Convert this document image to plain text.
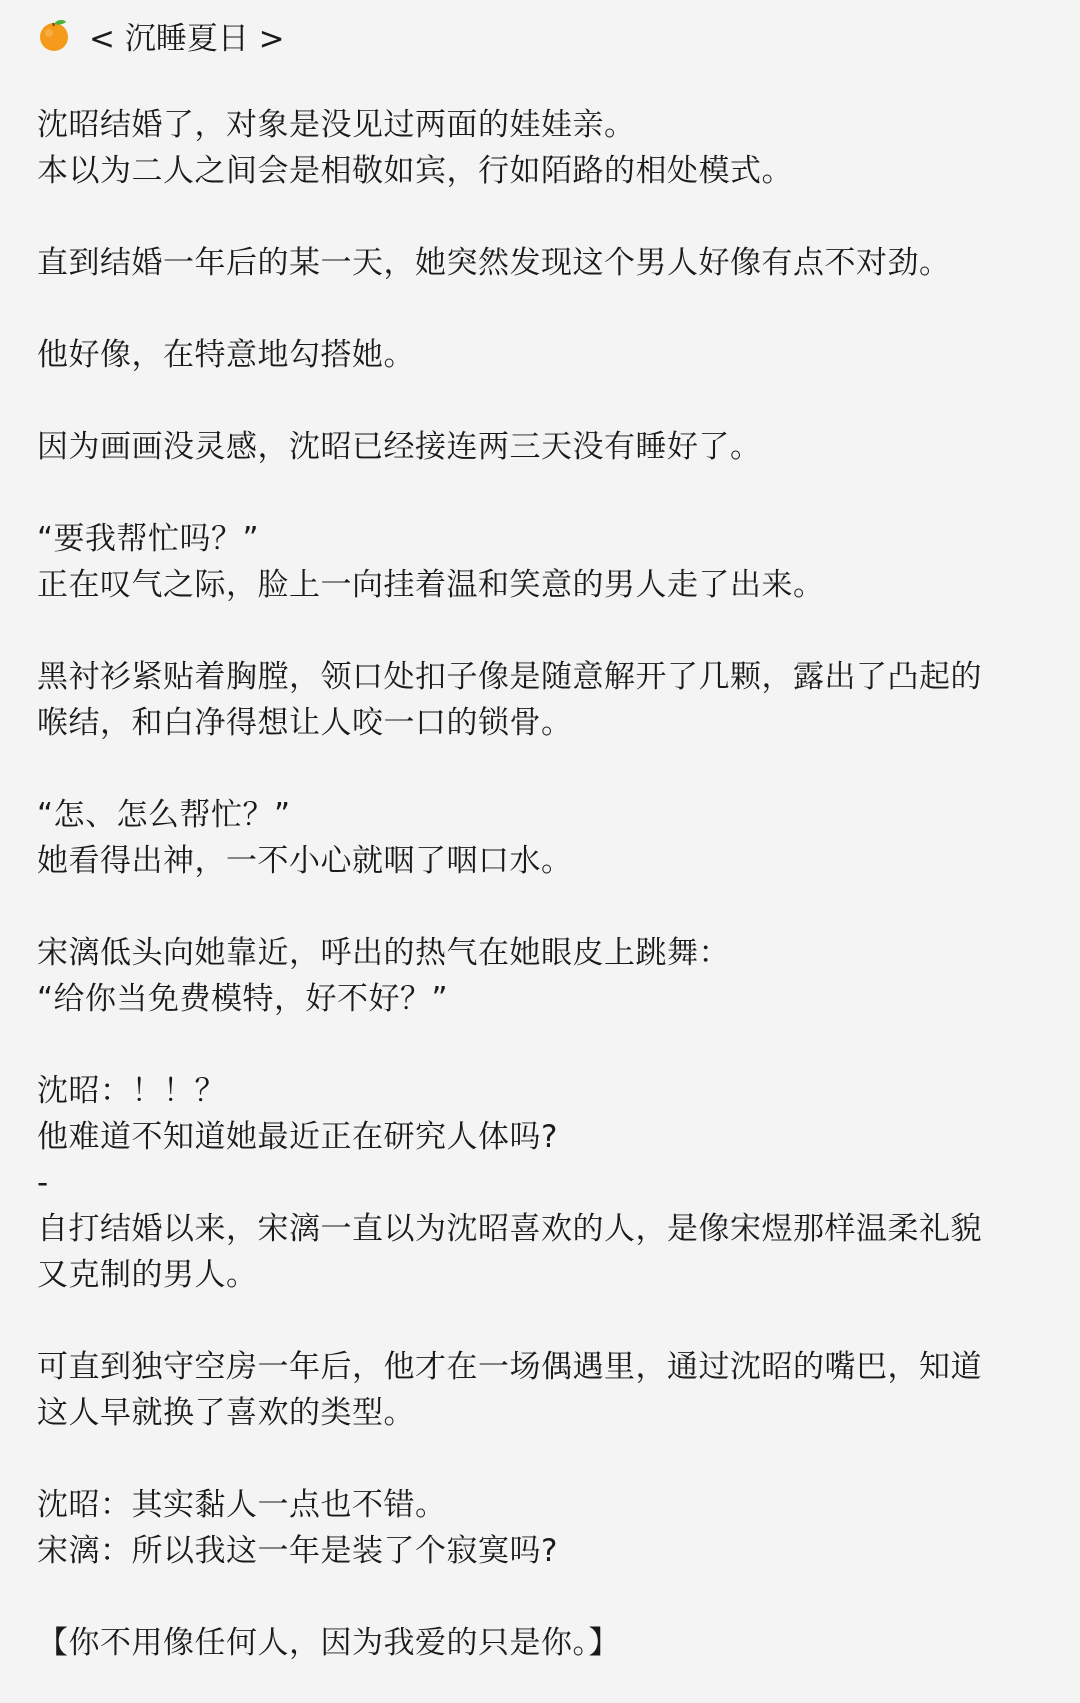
< 沉睡夏日 >
沈昭结婚了，对象是没见过两面的娃娃亲。
本以为二人之间会是相敬如宾，行如陌路的相处模式。
直到结婚一年后的某一天，她突然发现这个男人好像有点不对劲。
他好像，在特意地勾搭她。
因为画画没灵感，沈昭已经接连两三天没有睡好了。
“要我帮忙吗？”
正在叹气之际，脸上一向挂着温和笑意的男人走了出来。
黑衬衫紧贴着胸膛，领口处扣子像是随意解开了几颗，露出了凸起的
喉结，和白净得想让人咬一口的锁骨。
“怎、怎么帮忙？”
她看得出神，一不小心就咽了咽口水。
宋漓低头向她靠近，呼出的热气在她眼皮上跳舞：
“给你当免费模特，好不好？”
沈昭：！！？
他难道不知道她最近正在研究人体吗?
-
自打结婚以来，宋漓一直以为沈昭喜欢的人，是像宋煜那样温柔礼貌
又克制的男人。
可直到独守空房一年后，他才在一场偶遇里，通过沈昭的嘴巴，知道
这人早就换了喜欢的类型。
沈昭：其实黏人一点也不错。
宋漓：所以我这一年是装了个寂寞吗?
【你不用像任何人，因为我爱的只是你。】
